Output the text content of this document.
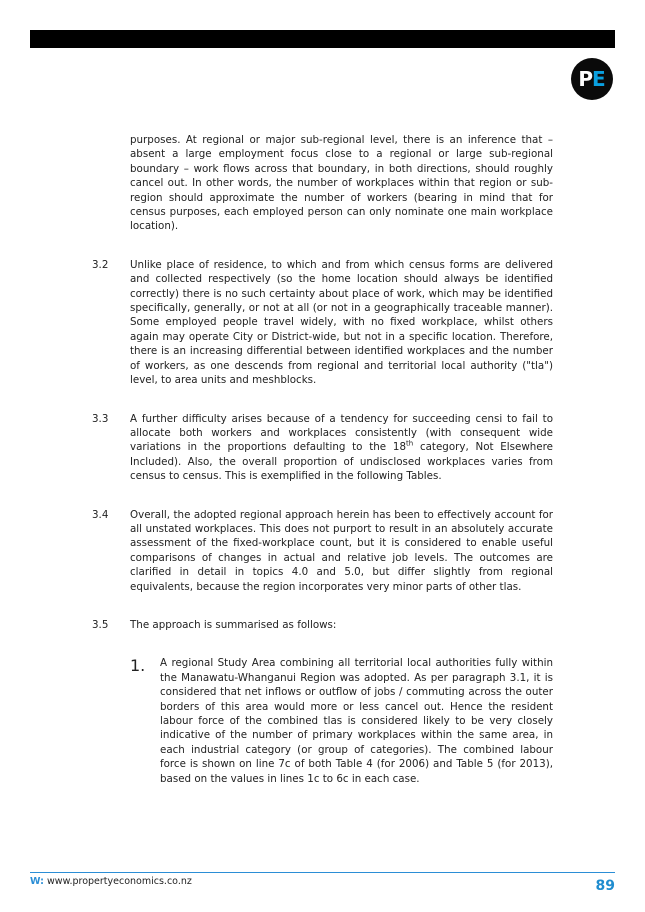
P E

purposes. At regional or major sub-regional level, there is an inference that – absent a large employment focus close to a regional or large sub-regional boundary – work flows across that boundary, in both directions, should roughly cancel out. In other words, the number of workplaces within that region or sub-region should approximate the number of workers (bearing in mind that for census purposes, each employed person can only nominate one main workplace location).

3.2 Unlike place of residence, to which and from which census forms are delivered and collected respectively (so the home location should always be identified correctly) there is no such certainty about place of work, which may be identified specifically, generally, or not at all (or not in a geographically traceable manner). Some employed people travel widely, with no fixed workplace, whilst others again may operate City or District-wide, but not in a specific location. Therefore, there is an increasing differential between identified workplaces and the number of workers, as one descends from regional and territorial local authority ("tla") level, to area units and meshblocks.

3.3 A further difficulty arises because of a tendency for succeeding censi to fail to allocate both workers and workplaces consistently (with consequent wide variations in the proportions defaulting to the 18th category, Not Elsewhere Included). Also, the overall proportion of undisclosed workplaces varies from census to census. This is exemplified in the following Tables.

3.4 Overall, the adopted regional approach herein has been to effectively account for all unstated workplaces. This does not purport to result in an absolutely accurate assessment of the fixed-workplace count, but it is considered to enable useful comparisons of changes in actual and relative job levels. The outcomes are clarified in detail in topics 4.0 and 5.0, but differ slightly from regional equivalents, because the region incorporates very minor parts of other tlas.

3.5 The approach is summarised as follows:

1. A regional Study Area combining all territorial local authorities fully within the Manawatu-Whanganui Region was adopted. As per paragraph 3.1, it is considered that net inflows or outflow of jobs / commuting across the outer borders of this area would more or less cancel out. Hence the resident labour force of the combined tlas is considered likely to be very closely indicative of the number of primary workplaces within the same area, in each industrial category (or group of categories). The combined labour force is shown on line 7c of both Table 4 (for 2006) and Table 5 (for 2013), based on the values in lines 1c to 6c in each case.

W: www.propertyeconomics.co.nz	89
